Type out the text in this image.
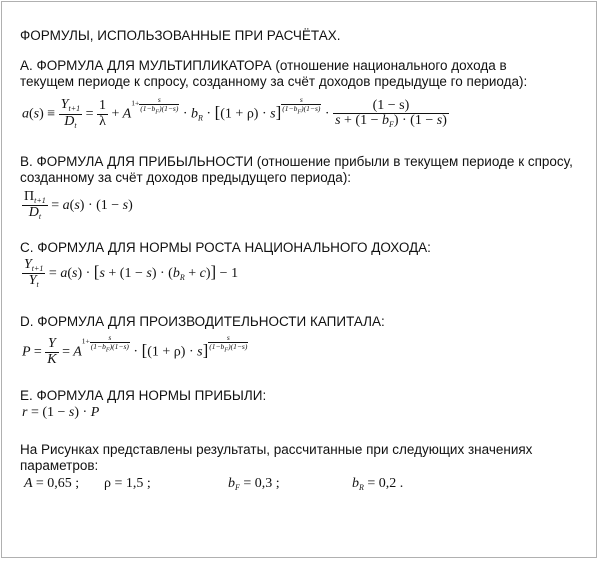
ФОРМУЛЫ, ИСПОЛЬЗОВАННЫЕ ПРИ РАСЧЁТАХ.
А. ФОРМУЛА ДЛЯ МУЛЬТИПЛИКАТОРА (отношение национального дохода в
текущем периоде к спросу, созданному за счёт доходов предыдуще го периода):
$a(s) \equiv \frac{Y_{t+1}}{D_t} = \frac{1}{\lambda} + A^{1+} \frac{s}{(1-b_F)(1-s)} \cdot b_R \cdot [(1 + \rho) \cdot s] \frac{s}{(1-b_F)(1-s)} \cdot \frac{(1 - s)}{s + (1 - b_F) \cdot (1 - s)}$
В. ФОРМУЛА ДЛЯ ПРИБЫЛЬНОСТИ (отношение прибыли в текущем периоде к спросу,
созданному за счёт доходов предыдущего периода):
$\frac{\Pi_{t+1}}{D_t} = a(s) \cdot (1 - s)$
С. ФОРМУЛА ДЛЯ НОРМЫ РОСТА НАЦИОНАЛЬНОГО ДОХОДА:
$\frac{Y_{t+1}}{Y_t} = a(s) \cdot [s + (1 - s) \cdot (b_R + c)] - 1$
D. ФОРМУЛА ДЛЯ ПРОИЗВОДИТЕЛЬНОСТИ КАПИТАЛА:
$P = \frac{Y}{K} = A^{1+} \frac{s}{(1-b_F)(1-s)} \cdot [(1 + \rho) \cdot s] \frac{s}{(1-b_F)(1-s)}$
Е. ФОРМУЛА ДЛЯ НОРМЫ ПРИБЫЛИ:
r = (1 − s) · P
На Рисунках представлены результаты, рассчитанные при следующих значениях
параметров:
A = 0,65 ; ρ = 1,5 ;	$b_F = 0,3$ ;	$b_R = 0,2$ .
